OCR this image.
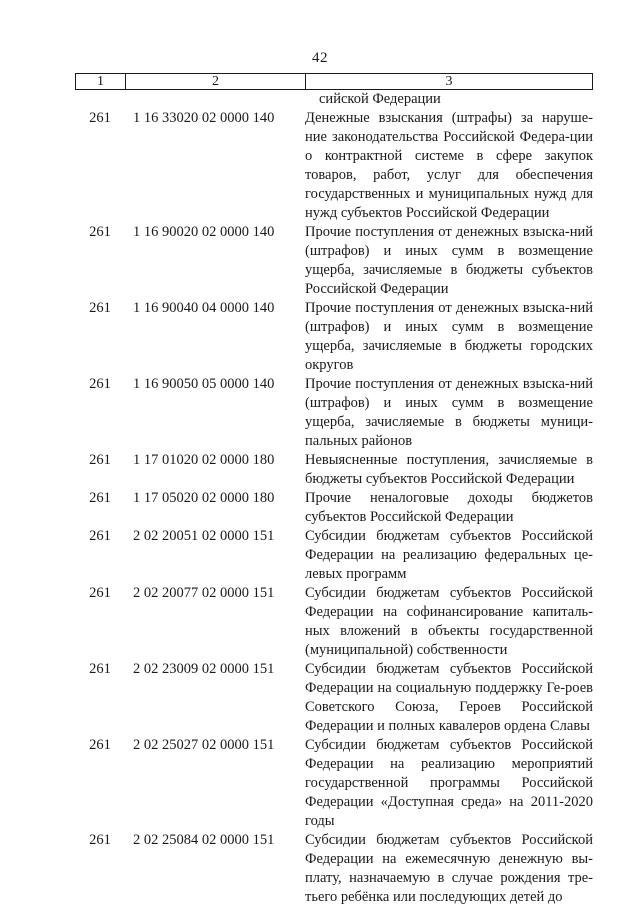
42
1	2	3
сийской Федерации
261	1 16 33020 02 0000 140	Денежные взыскания (штрафы) за наруше-ние законодательства Российской Федера-ции о контрактной системе в сфере закупок товаров, работ, услуг для обеспечения государственных и муниципальных нужд для нужд субъектов Российской Федерации
261	1 16 90020 02 0000 140	Прочие поступления от денежных взыска-ний (штрафов) и иных сумм в возмещение ущерба, зачисляемые в бюджеты субъектов Российской Федерации
261	1 16 90040 04 0000 140	Прочие поступления от денежных взыска-ний (штрафов) и иных сумм в возмещение ущерба, зачисляемые в бюджеты городских округов
261	1 16 90050 05 0000 140	Прочие поступления от денежных взыска-ний (штрафов) и иных сумм в возмещение ущерба, зачисляемые в бюджеты муници-пальных районов
261	1 17 01020 02 0000 180	Невыясненные поступления, зачисляемые в бюджеты субъектов Российской Федерации
261	1 17 05020 02 0000 180	Прочие неналоговые доходы бюджетов субъектов Российской Федерации
261	2 02 20051 02 0000 151	Субсидии бюджетам субъектов Российской Федерации на реализацию федеральных це-левых программ
261	2 02 20077 02 0000 151	Субсидии бюджетам субъектов Российской Федерации на софинансирование капиталь-ных вложений в объекты государственной (муниципальной) собственности
261	2 02 23009 02 0000 151	Субсидии бюджетам субъектов Российской Федерации на социальную поддержку Ге-роев Советского Союза, Героев Российской Федерации и полных кавалеров ордена Славы
261	2 02 25027 02 0000 151	Субсидии бюджетам субъектов Российской Федерации на реализацию мероприятий государственной программы Российской Федерации «Доступная среда» на 2011-2020 годы
261	2 02 25084 02 0000 151	Субсидии бюджетам субъектов Российской Федерации на ежемесячную денежную вы-плату, назначаемую в случае рождения тре-тьего ребёнка или последующих детей до
